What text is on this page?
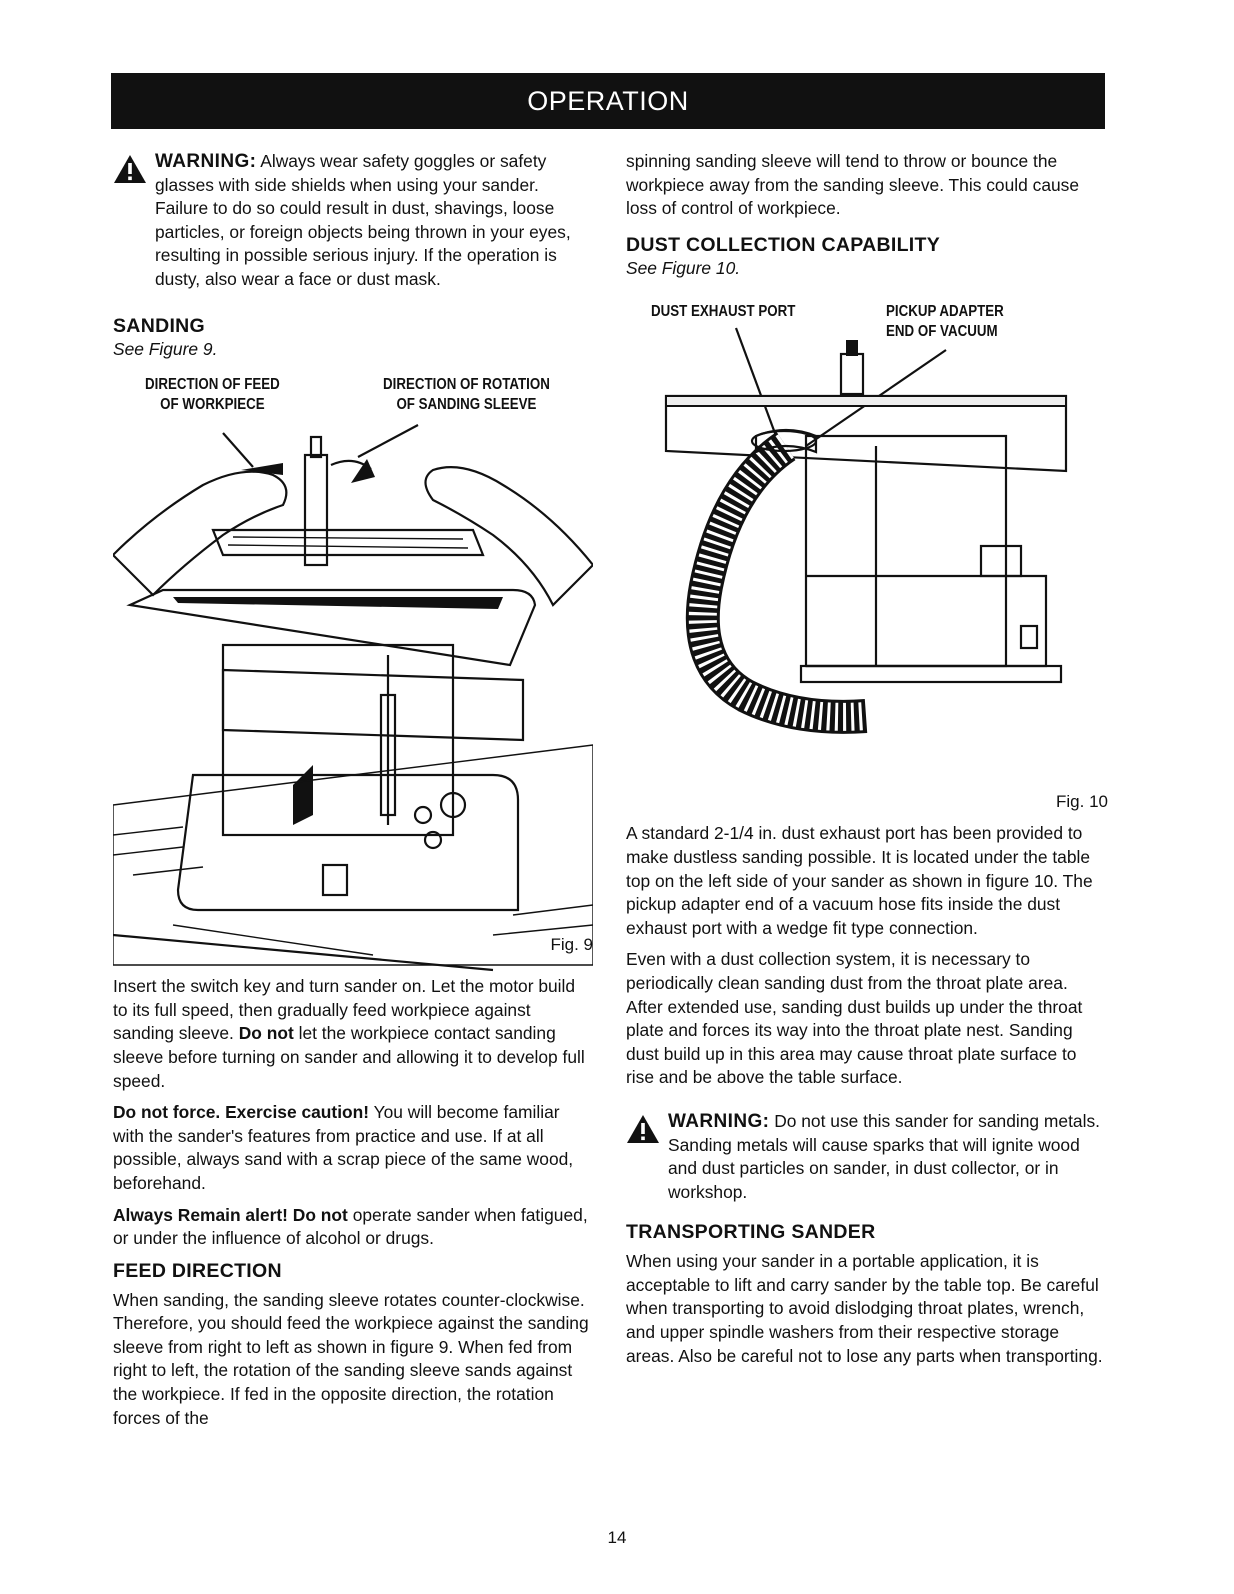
OPERATION

WARNING: Always wear safety goggles or safety glasses with side shields when using your sander. Failure to do so could result in dust, shavings, loose particles, or foreign objects being thrown in your eyes, resulting in possible serious injury. If the operation is dusty, also wear a face or dust mask.

SANDING

See Figure 9.

DIRECTION OF FEED
OF WORKPIECE
DIRECTION OF ROTATION
OF SANDING SLEEVE
Fig. 9

Insert the switch key and turn sander on. Let the motor build to its full speed, then gradually feed workpiece against sanding sleeve. Do not let the workpiece contact sanding sleeve before turning on sander and allowing it to develop full speed.

Do not force. Exercise caution! You will become familiar with the sander's features from practice and use. If at all possible, always sand with a scrap piece of the same wood, beforehand.

Always Remain alert! Do not operate sander when fatigued, or under the influence of alcohol or drugs.

FEED DIRECTION

When sanding, the sanding sleeve rotates counter-clockwise. Therefore, you should feed the workpiece against the sanding sleeve from right to left as shown in figure 9. When fed from right to left, the rotation of the sanding sleeve sands against the workpiece. If fed in the opposite direction, the rotation forces of the

spinning sanding sleeve will tend to throw or bounce the workpiece away from the sanding sleeve. This could cause loss of control of workpiece.

DUST COLLECTION CAPABILITY

See Figure 10.

DUST EXHAUST PORT	PICKUP ADAPTER
END OF VACUUM
Fig. 10

A standard 2-1/4 in. dust exhaust port has been provided to make dustless sanding possible. It is located under the table top on the left side of your sander as shown in figure 10. The pickup adapter end of a vacuum hose fits inside the dust exhaust port with a wedge fit type connection.

Even with a dust collection system, it is necessary to periodically clean sanding dust from the throat plate area. After extended use, sanding dust builds up under the throat plate and forces its way into the throat plate nest. Sanding dust build up in this area may cause throat plate surface to rise and be above the table surface.

WARNING: Do not use this sander for sanding metals. Sanding metals will cause sparks that will ignite wood and dust particles on sander, in dust collector, or in workshop.

TRANSPORTING SANDER

When using your sander in a portable application, it is acceptable to lift and carry sander by the table top. Be careful when transporting to avoid dislodging throat plates, wrench, and upper spindle washers from their respective storage areas. Also be careful not to lose any parts when transporting.

14
